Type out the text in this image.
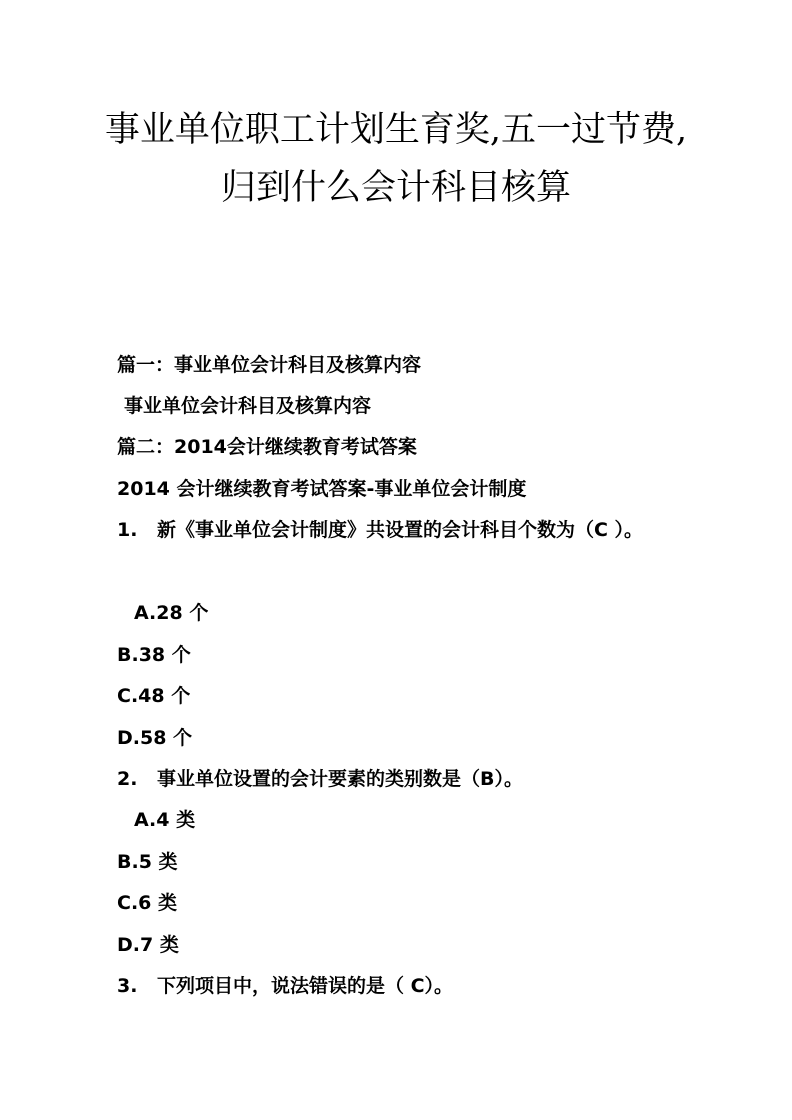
事业单位职工计划生育奖,五一过节费,
归到什么会计科目核算

篇一：事业单位会计科目及核算内容

事业单位会计科目及核算内容

篇二：2014会计继续教育考试答案

2014 会计继续教育考试答案-事业单位会计制度

1. 新《事业单位会计制度》共设置的会计科目个数为（C ）。

A.28 个

B.38 个

C.48 个

D.58 个

2. 事业单位设置的会计要素的类别数是（B）。

A.4 类

B.5 类

C.6 类

D.7 类

3. 下列项目中，说法错误的是（ C）。
